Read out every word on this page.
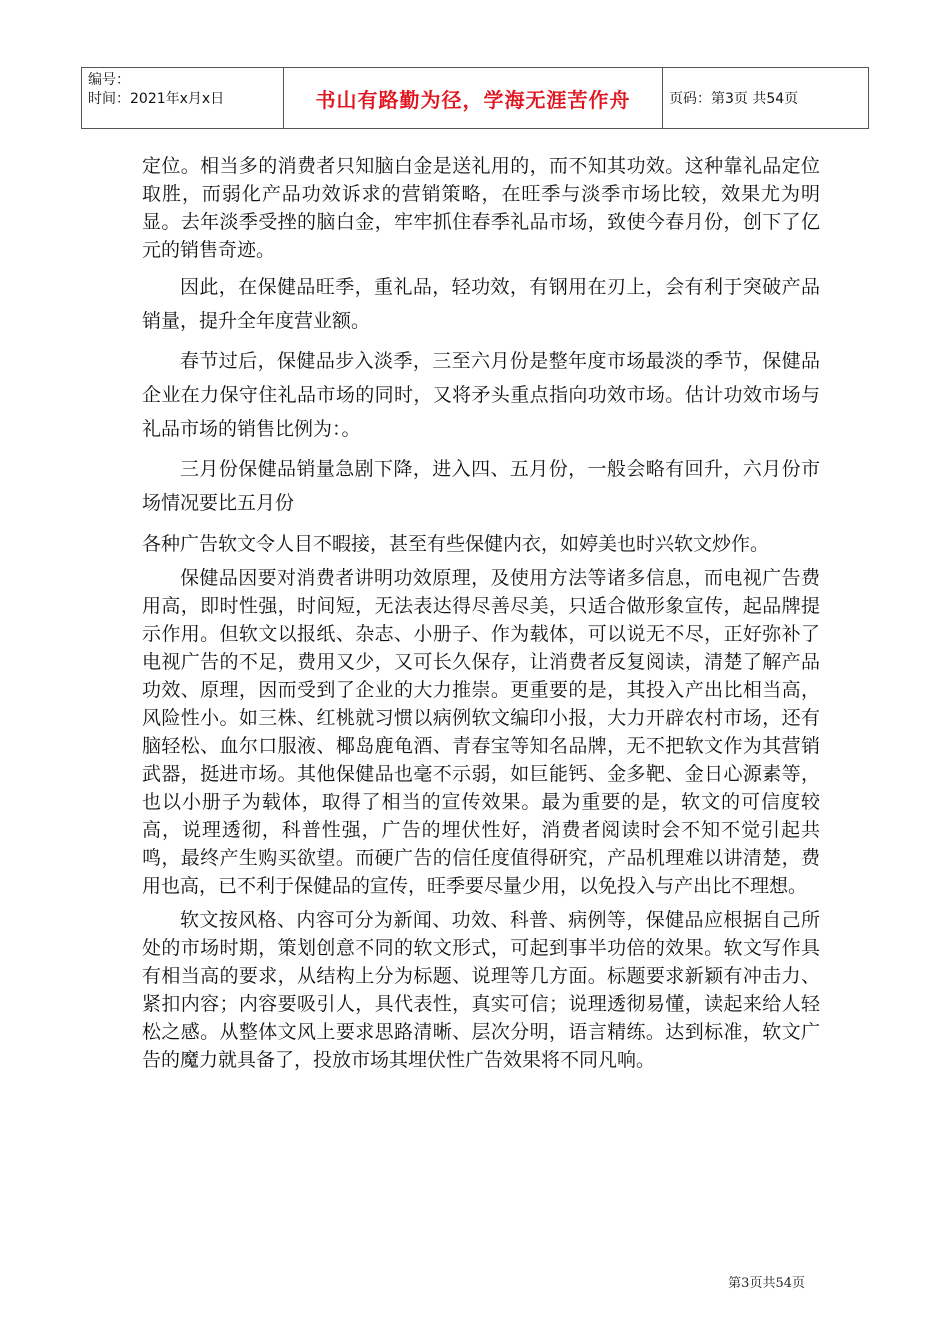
编号：
时间：2021年x月x日	书山有路勤为径，学海无涯苦作舟	页码：第3页 共54页

定位。相当多的消费者只知脑白金是送礼用的，而不知其功效。这种靠礼品定位取胜，而弱化产品功效诉求的营销策略，在旺季与淡季市场比较，效果尤为明显。去年淡季受挫的脑白金，牢牢抓住春季礼品市场，致使今春月份，创下了亿元的销售奇迹。

因此，在保健品旺季，重礼品，轻功效，有钢用在刃上，会有利于突破产品销量，提升全年度营业额。

春节过后，保健品步入淡季，三至六月份是整年度市场最淡的季节，保健品企业在力保守住礼品市场的同时，又将矛头重点指向功效市场。估计功效市场与礼品市场的销售比例为：。

三月份保健品销量急剧下降，进入四、五月份，一般会略有回升，六月份市场情况要比五月份

各种广告软文令人目不暇接，甚至有些保健内衣，如婷美也时兴软文炒作。

保健品因要对消费者讲明功效原理，及使用方法等诸多信息，而电视广告费用高，即时性强，时间短，无法表达得尽善尽美，只适合做形象宣传，起品牌提示作用。但软文以报纸、杂志、小册子、作为载体，可以说无不尽，正好弥补了电视广告的不足，费用又少，又可长久保存，让消费者反复阅读，清楚了解产品功效、原理，因而受到了企业的大力推崇。更重要的是，其投入产出比相当高，风险性小。如三株、红桃就习惯以病例软文编印小报，大力开辟农村市场，还有脑轻松、血尔口服液、椰岛鹿龟酒、青春宝等知名品牌，无不把软文作为其营销武器，挺进市场。其他保健品也毫不示弱，如巨能钙、金多靶、金日心源素等，也以小册子为载体，取得了相当的宣传效果。最为重要的是，软文的可信度较高，说理透彻，科普性强，广告的埋伏性好，消费者阅读时会不知不觉引起共鸣，最终产生购买欲望。而硬广告的信任度值得研究，产品机理难以讲清楚，费用也高，已不利于保健品的宣传，旺季要尽量少用，以免投入与产出比不理想。

软文按风格、内容可分为新闻、功效、科普、病例等，保健品应根据自己所处的市场时期，策划创意不同的软文形式，可起到事半功倍的效果。软文写作具有相当高的要求，从结构上分为标题、说理等几方面。标题要求新颖有冲击力、紧扣内容；内容要吸引人，具代表性，真实可信；说理透彻易懂，读起来给人轻松之感。从整体文风上要求思路清晰、层次分明，语言精练。达到标准，软文广告的魔力就具备了，投放市场其埋伏性广告效果将不同凡响。

第3页共54页
